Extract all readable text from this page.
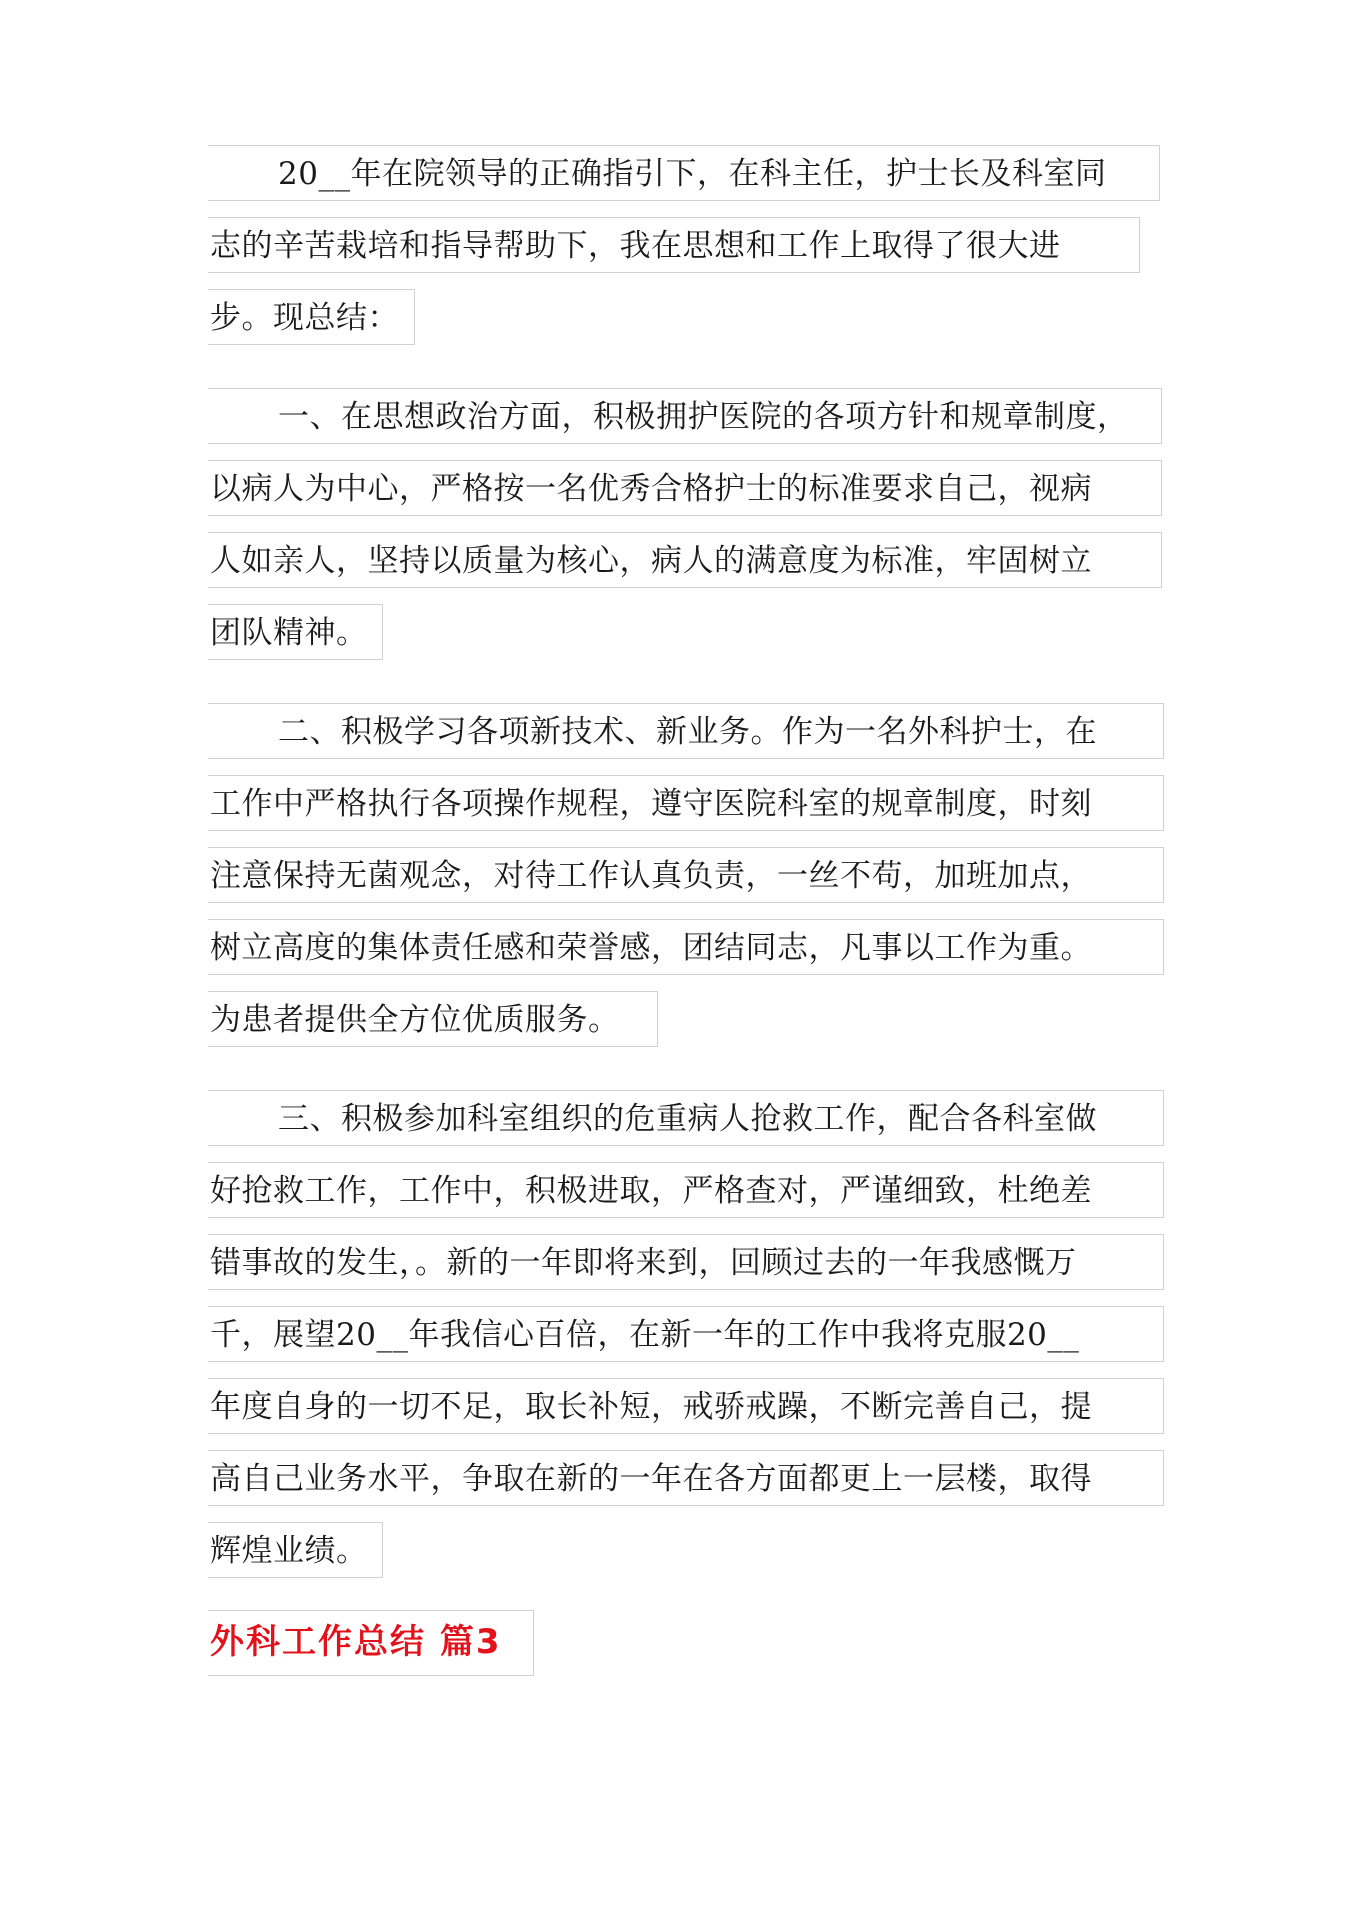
20__年在院领导的正确指引下，在科主任，护士长及科室同
志的辛苦栽培和指导帮助下，我在思想和工作上取得了很大进
步。现总结：
一、在思想政治方面，积极拥护医院的各项方针和规章制度，
以病人为中心，严格按一名优秀合格护士的标准要求自己，视病
人如亲人，坚持以质量为核心，病人的满意度为标准，牢固树立
团队精神。
二、积极学习各项新技术、新业务。作为一名外科护士，在
工作中严格执行各项操作规程，遵守医院科室的规章制度，时刻
注意保持无菌观念，对待工作认真负责，一丝不苟，加班加点，
树立高度的集体责任感和荣誉感，团结同志，凡事以工作为重。
为患者提供全方位优质服务。
三、积极参加科室组织的危重病人抢救工作，配合各科室做
好抢救工作，工作中，积极进取，严格查对，严谨细致，杜绝差
错事故的发生，。新的一年即将来到，回顾过去的一年我感慨万
千，展望20__年我信心百倍，在新一年的工作中我将克服20__
年度自身的一切不足，取长补短，戒骄戒躁，不断完善自己，提
高自己业务水平，争取在新的一年在各方面都更上一层楼，取得
辉煌业绩。
外科工作总结 篇3
